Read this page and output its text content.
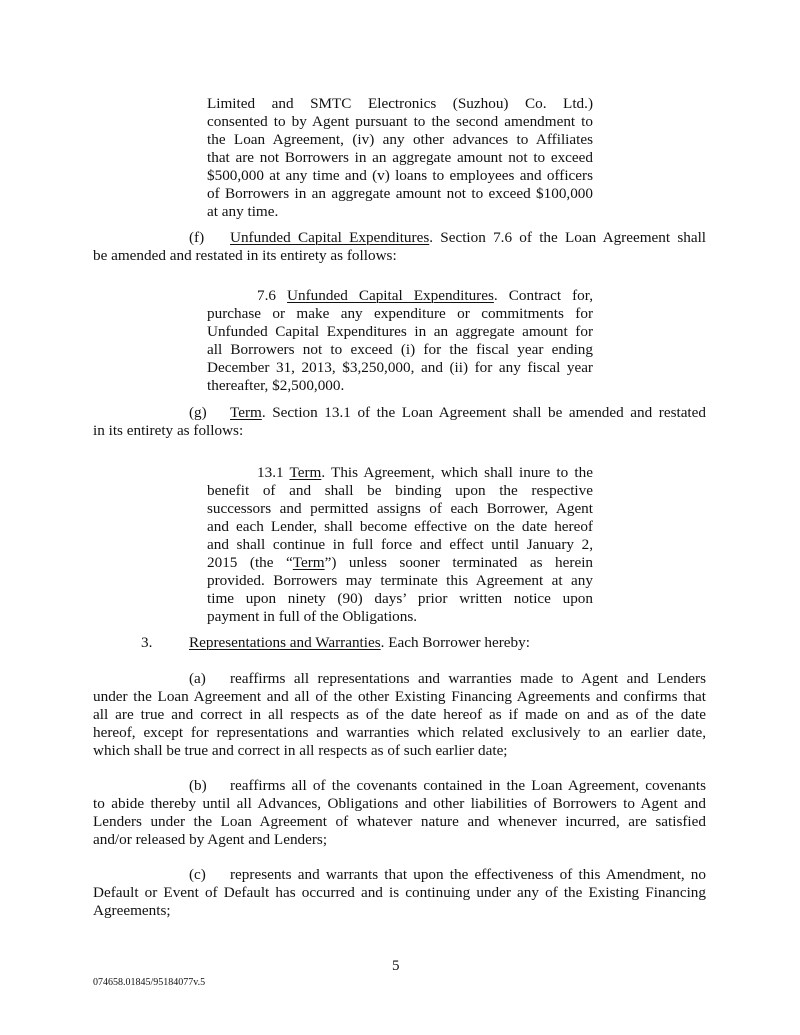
Limited and SMTC Electronics (Suzhou) Co. Ltd.)
consented to by Agent pursuant to the second amendment to
the Loan Agreement, (iv) any other advances to Affiliates
that are not Borrowers in an aggregate amount not to exceed
$500,000 at any time and (v) loans to employees and officers
of Borrowers in an aggregate amount not to exceed $100,000
at any time.
(f) Unfunded Capital Expenditures. Section 7.6 of the Loan Agreement shall
be amended and restated in its entirety as follows:
7.6 Unfunded Capital Expenditures. Contract for,
purchase or make any expenditure or commitments for
Unfunded Capital Expenditures in an aggregate amount for
all Borrowers not to exceed (i) for the fiscal year ending
December 31, 2013, $3,250,000, and (ii) for any fiscal year
thereafter, $2,500,000.
(g) Term. Section 13.1 of the Loan Agreement shall be amended and restated
in its entirety as follows:
13.1 Term. This Agreement, which shall inure to the
benefit of and shall be binding upon the respective
successors and permitted assigns of each Borrower, Agent
and each Lender, shall become effective on the date hereof
and shall continue in full force and effect until January 2,
2015 (the “Term”) unless sooner terminated as herein
provided. Borrowers may terminate this Agreement at any
time upon ninety (90) days’ prior written notice upon
payment in full of the Obligations.
3. Representations and Warranties. Each Borrower hereby:
(a) reaffirms all representations and warranties made to Agent and Lenders
under the Loan Agreement and all of the other Existing Financing Agreements and confirms that
all are true and correct in all respects as of the date hereof as if made on and as of the date
hereof, except for representations and warranties which related exclusively to an earlier date,
which shall be true and correct in all respects as of such earlier date;
(b) reaffirms all of the covenants contained in the Loan Agreement, covenants
to abide thereby until all Advances, Obligations and other liabilities of Borrowers to Agent and
Lenders under the Loan Agreement of whatever nature and whenever incurred, are satisfied
and/or released by Agent and Lenders;
(c) represents and warrants that upon the effectiveness of this Amendment, no
Default or Event of Default has occurred and is continuing under any of the Existing Financing
Agreements;
5
074658.01845/95184077v.5
